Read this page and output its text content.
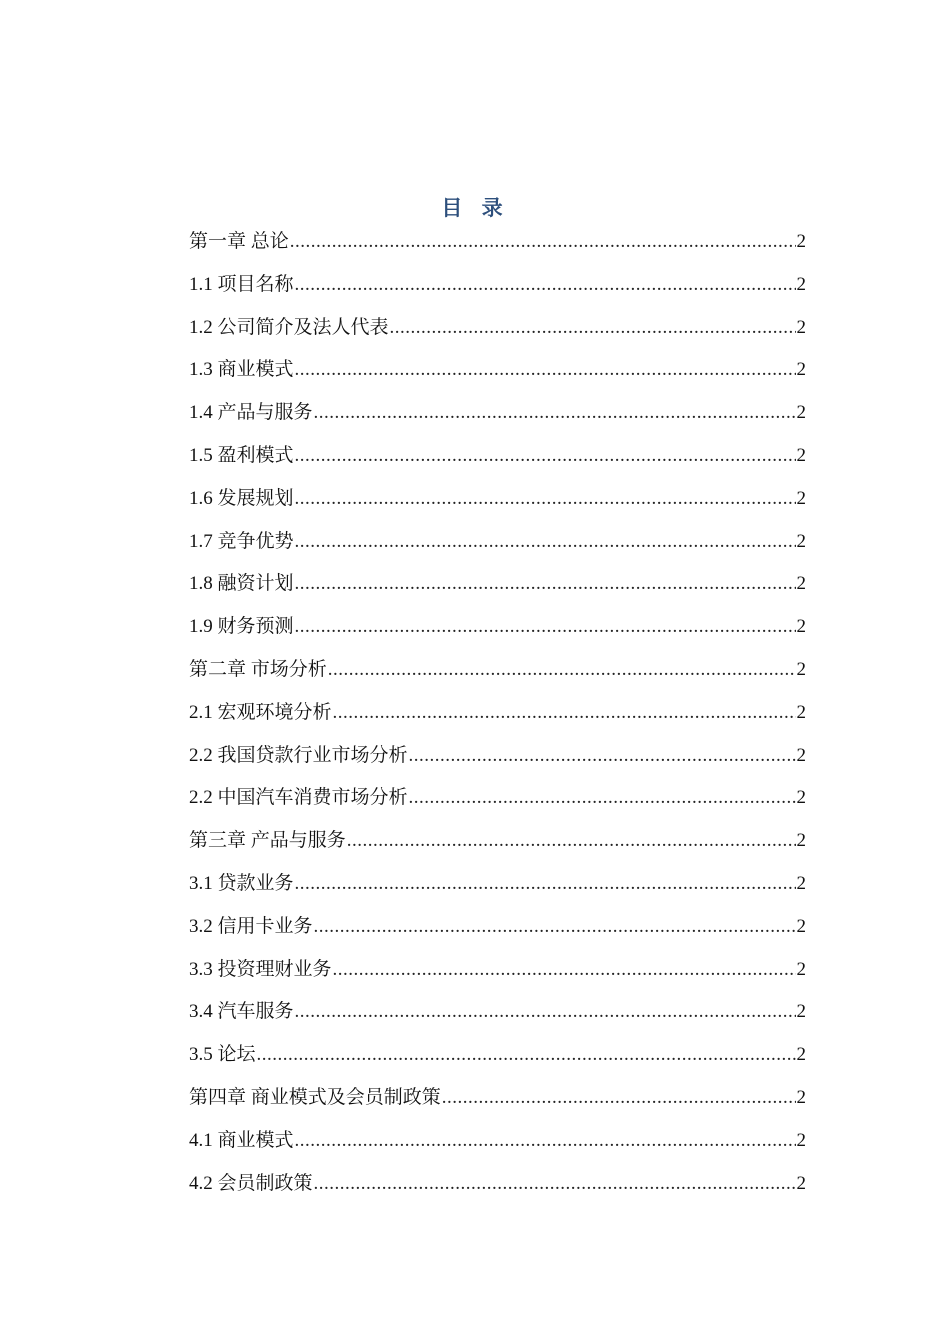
目 录
第一章 总论 .....	2
1.1 项目名称 .....	2
1.2 公司简介及法人代表 .....	2
1.3 商业模式 .....	2
1.4 产品与服务 .....	2
1.5 盈利模式 .....	2
1.6 发展规划 .....	2
1.7 竞争优势 .....	2
1.8 融资计划 .....	2
1.9 财务预测 .....	2
第二章 市场分析 .....	2
2.1 宏观环境分析 .....	2
2.2 我国贷款行业市场分析 .....	2
2.2 中国汽车消费市场分析 .....	2
第三章 产品与服务 .....	2
3.1 贷款业务 .....	2
3.2 信用卡业务 .....	2
3.3 投资理财业务 .....	2
3.4 汽车服务 .....	2
3.5 论坛 .....	2
第四章 商业模式及会员制政策 .....	2
4.1 商业模式 .....	2
4.2 会员制政策 .....	2
